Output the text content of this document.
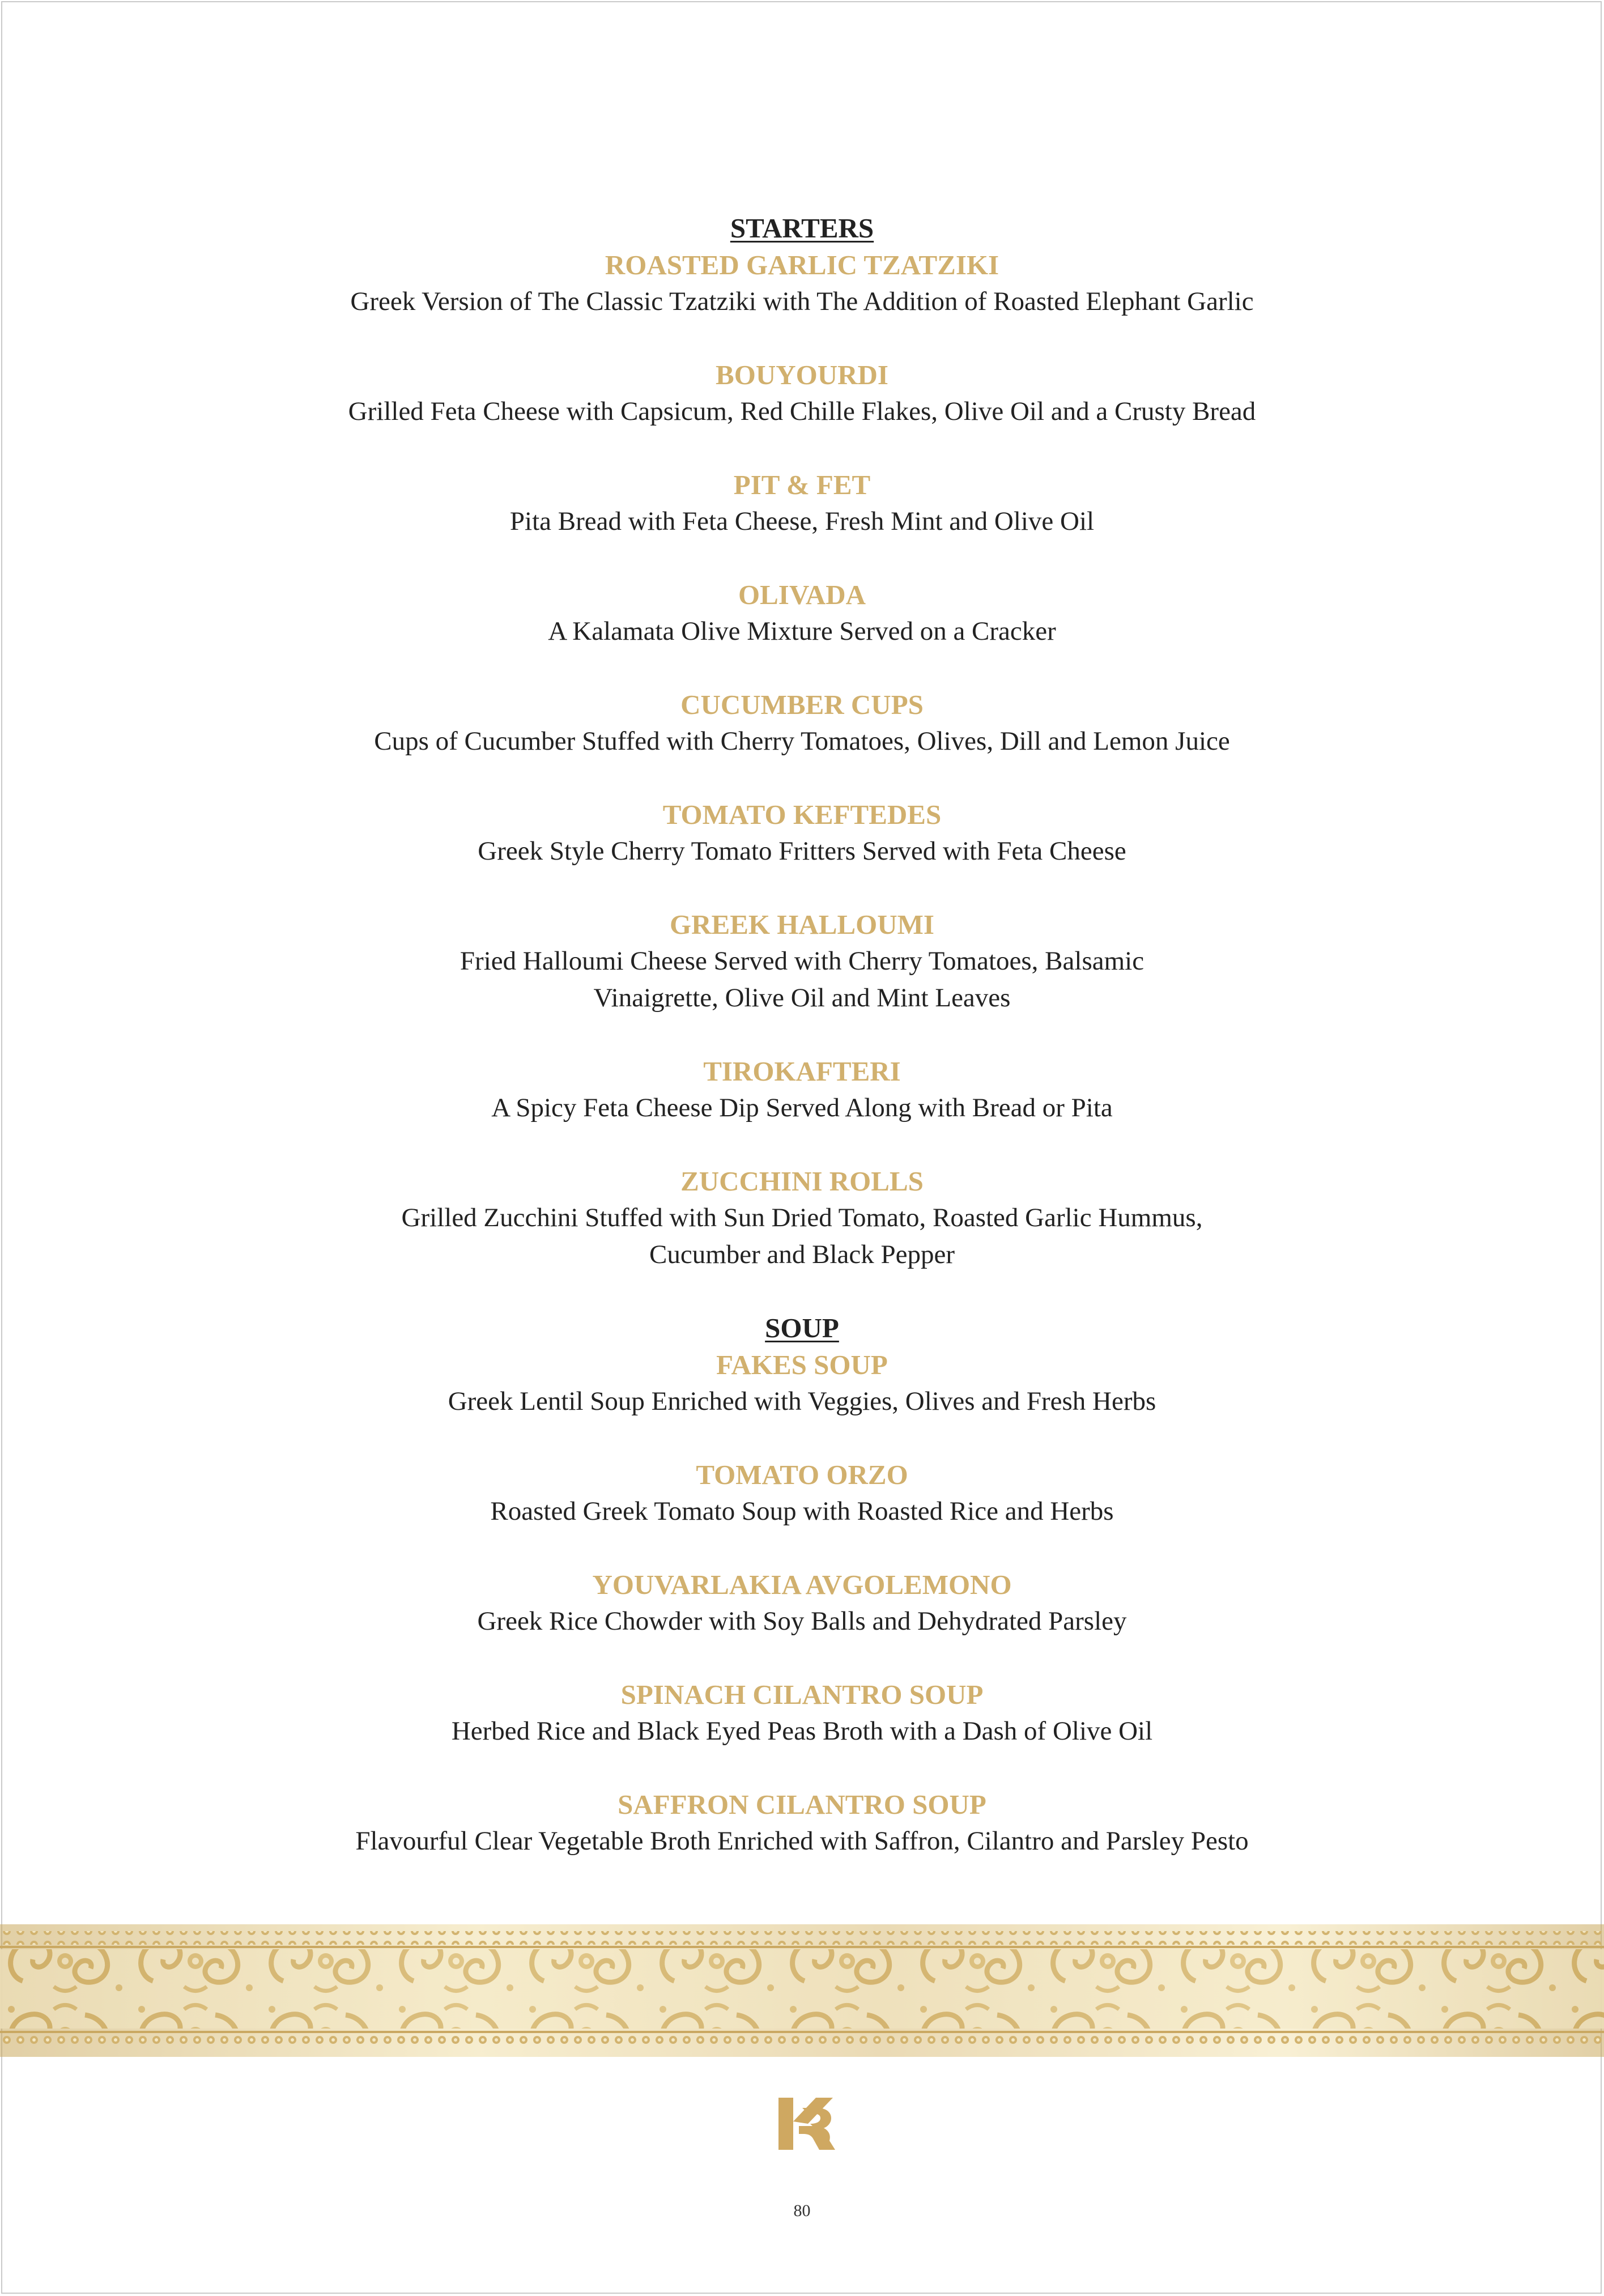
STARTERS
ROASTED GARLIC TZATZIKI
Greek Version of The Classic Tzatziki with The Addition of Roasted Elephant Garlic
BOUYOURDI
Grilled Feta Cheese with Capsicum, Red Chille Flakes, Olive Oil and a Crusty Bread
PIT & FET
Pita Bread with Feta Cheese, Fresh Mint and Olive Oil
OLIVADA
A Kalamata Olive Mixture Served on a Cracker
CUCUMBER CUPS
Cups of Cucumber Stuffed with Cherry Tomatoes, Olives, Dill and Lemon Juice
TOMATO KEFTEDES
Greek Style Cherry Tomato Fritters Served with Feta Cheese
GREEK HALLOUMI
Fried Halloumi Cheese Served with Cherry Tomatoes, Balsamic
Vinaigrette, Olive Oil and Mint Leaves
TIROKAFTERI
A Spicy Feta Cheese Dip Served Along with Bread or Pita
ZUCCHINI ROLLS
Grilled Zucchini Stuffed with Sun Dried Tomato, Roasted Garlic Hummus,
Cucumber and Black Pepper
SOUP
FAKES SOUP
Greek Lentil Soup Enriched with Veggies, Olives and Fresh Herbs
TOMATO ORZO
Roasted Greek Tomato Soup with Roasted Rice and Herbs
YOUVARLAKIA AVGOLEMONO
Greek Rice Chowder with Soy Balls and Dehydrated Parsley
SPINACH CILANTRO SOUP
Herbed Rice and Black Eyed Peas Broth with a Dash of Olive Oil
SAFFRON CILANTRO SOUP
Flavourful Clear Vegetable Broth Enriched with Saffron, Cilantro and Parsley Pesto
80
